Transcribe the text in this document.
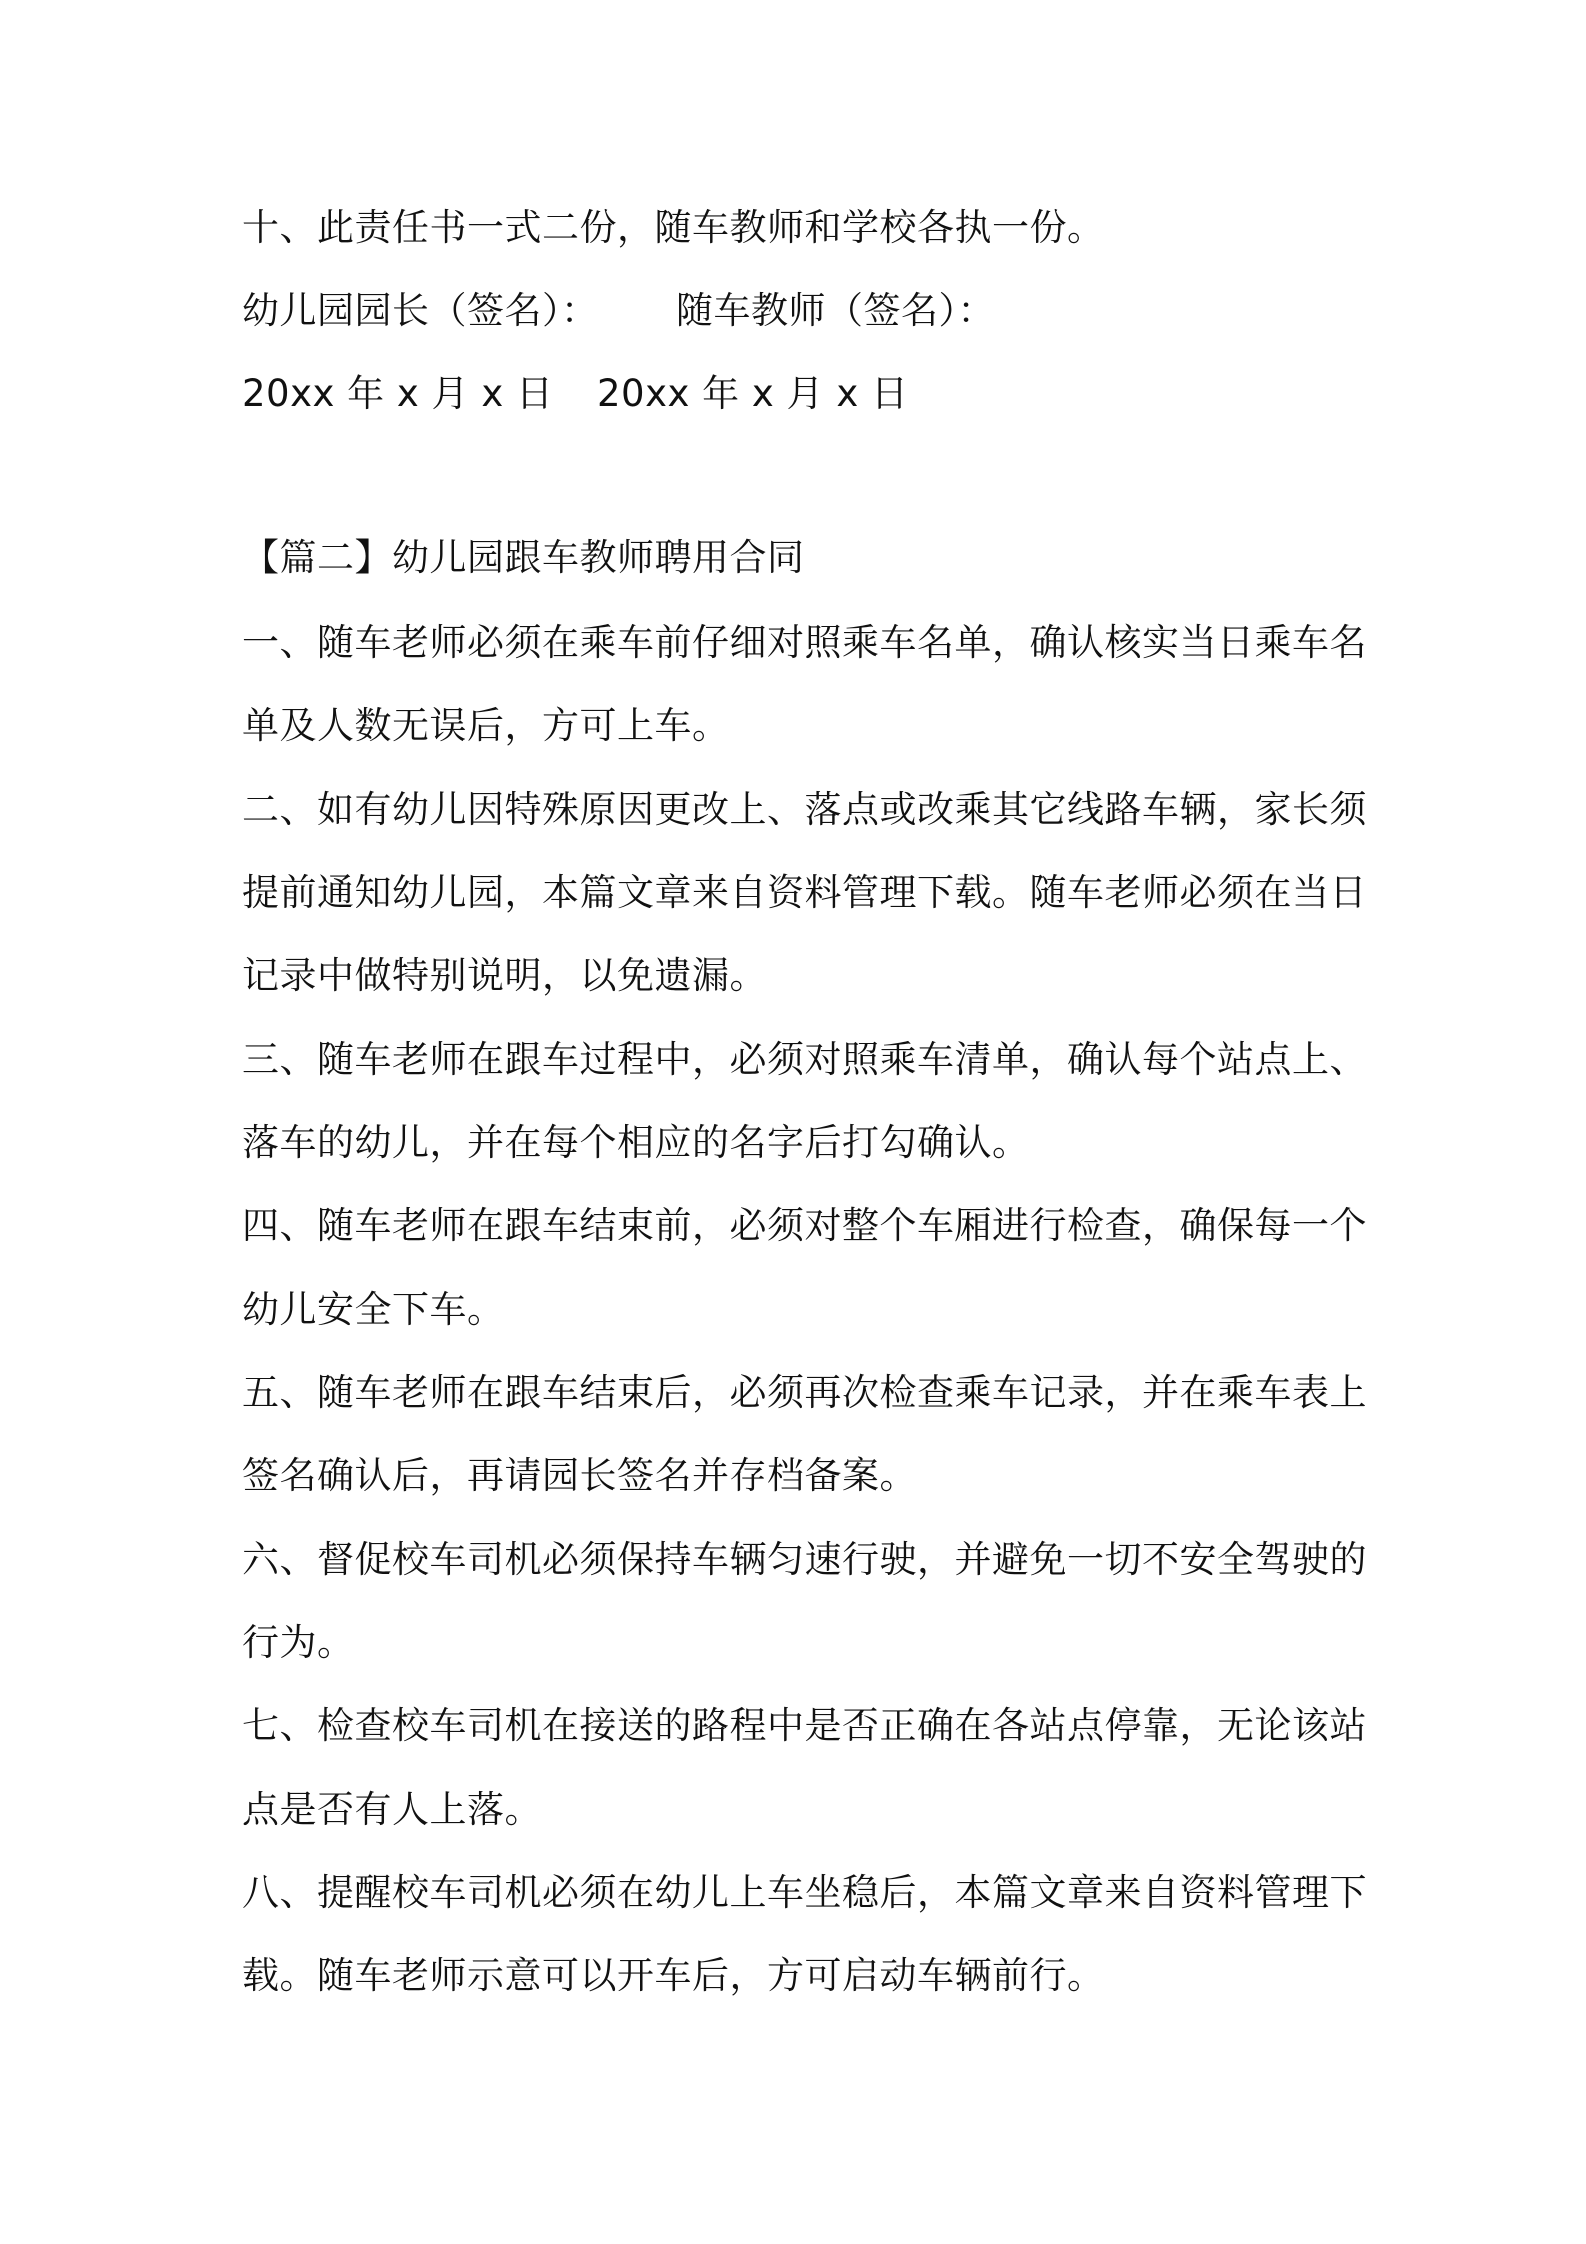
十、此责任书一式二份，随车教师和学校各执一份。
幼儿园园长（签名）：	随车教师（签名）：
20xx 年 x 月 x 日	20xx 年 x 月 x 日
【篇二】幼儿园跟车教师聘用合同
一、随车老师必须在乘车前仔细对照乘车名单，确认核实当日乘车名
单及人数无误后，方可上车。
二、如有幼儿因特殊原因更改上、落点或改乘其它线路车辆，家长须
提前通知幼儿园，本篇文章来自资料管理下载。随车老师必须在当日
记录中做特别说明，以免遗漏。
三、随车老师在跟车过程中，必须对照乘车清单，确认每个站点上、
落车的幼儿，并在每个相应的名字后打勾确认。
四、随车老师在跟车结束前，必须对整个车厢进行检查，确保每一个
幼儿安全下车。
五、随车老师在跟车结束后，必须再次检查乘车记录，并在乘车表上
签名确认后，再请园长签名并存档备案。
六、督促校车司机必须保持车辆匀速行驶，并避免一切不安全驾驶的
行为。
七、检查校车司机在接送的路程中是否正确在各站点停靠，无论该站
点是否有人上落。
八、提醒校车司机必须在幼儿上车坐稳后，本篇文章来自资料管理下
载。随车老师示意可以开车后，方可启动车辆前行。
